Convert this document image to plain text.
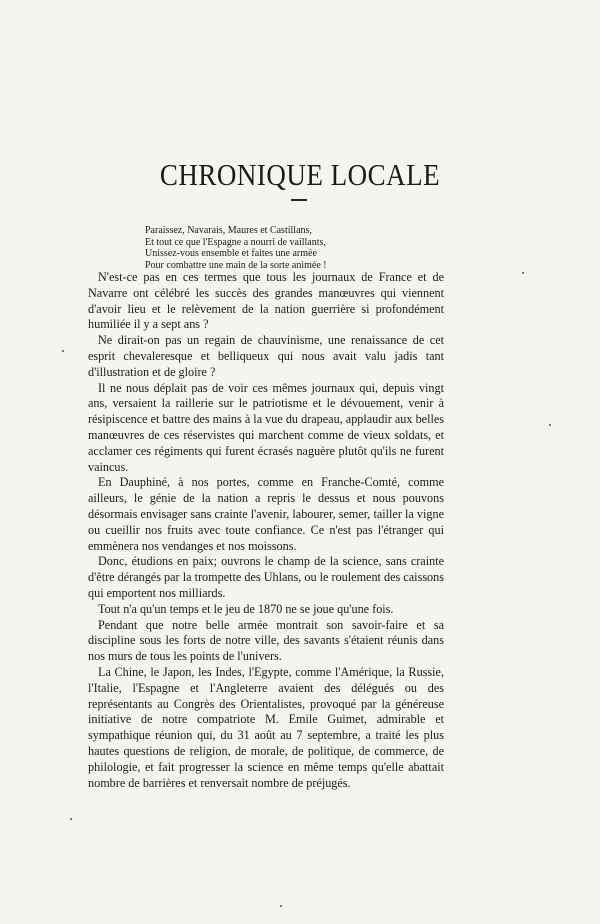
CHRONIQUE LOCALE
Paraissez, Navarais, Maures et Castillans,
Et tout ce que l'Espagne a nourri de vaillants,
Unissez-vous ensemble et faites une armée
Pour combattre une main de la sorte animée !

N'est-ce pas en ces termes que tous les journaux de France et de Navarre ont célébré les succès des grandes manœuvres qui viennent d'avoir lieu et le relèvement de la nation guerrière si profondément humiliée il y a sept ans ?

Ne dirait-on pas un regain de chauvinisme, une renaissance de cet esprit chevaleresque et belliqueux qui nous avait valu jadis tant d'illustration et de gloire ?

Il ne nous déplait pas de voir ces mêmes journaux qui, depuis vingt ans, versaient la raillerie sur le patriotisme et le dévouement, venir à résipiscence et battre des mains à la vue du drapeau, applaudir aux belles manœuvres de ces réservistes qui marchent comme de vieux soldats, et acclamer ces régiments qui furent écrasés naguère plutôt qu'ils ne furent vaincus.

En Dauphiné, à nos portes, comme en Franche-Comté, comme ailleurs, le génie de la nation a repris le dessus et nous pouvons désormais envisager sans crainte l'avenir, labourer, semer, tailler la vigne ou cueillir nos fruits avec toute confiance. Ce n'est pas l'étranger qui emmènera nos vendanges et nos moissons.

Donc, étudions en paix; ouvrons le champ de la science, sans crainte d'être dérangés par la trompette des Uhlans, ou le roulement des caissons qui emportent nos milliards.

Tout n'a qu'un temps et le jeu de 1870 ne se joue qu'une fois.

Pendant que notre belle armée montrait son savoir-faire et sa discipline sous les forts de notre ville, des savants s'étaient réunis dans nos murs de tous les points de l'univers.

La Chine, le Japon, les Indes, l'Egypte, comme l'Amérique, la Russie, l'Italie, l'Espagne et l'Angleterre avaient des délégués ou des représentants au Congrès des Orientalistes, provoqué par la généreuse initiative de notre compatriote M. Emile Guimet, admirable et sympathique réunion qui, du 31 août au 7 septembre, a traité les plus hautes questions de religion, de morale, de politique, de commerce, de philologie, et fait progresser la science en même temps qu'elle abattait nombre de barrières et renversait nombre de préjugés.
